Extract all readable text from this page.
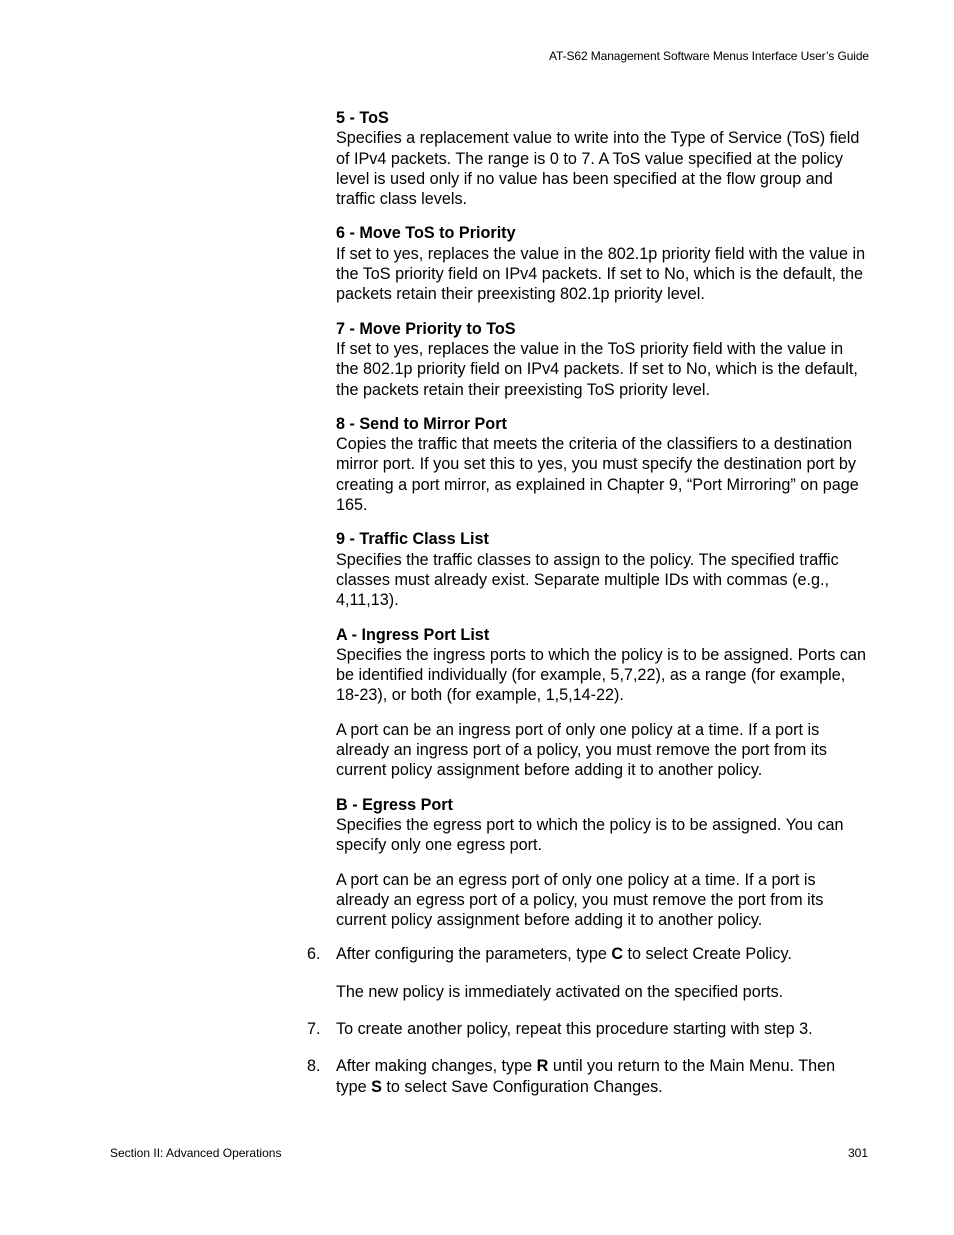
AT-S62 Management Software Menus Interface User’s Guide
5 - ToS

Specifies a replacement value to write into the Type of Service (ToS) field of IPv4 packets. The range is 0 to 7. A ToS value specified at the policy level is used only if no value has been specified at the flow group and traffic class levels.

6 - Move ToS to Priority

If set to yes, replaces the value in the 802.1p priority field with the value in the ToS priority field on IPv4 packets. If set to No, which is the default, the packets retain their preexisting 802.1p priority level.

7 - Move Priority to ToS

If set to yes, replaces the value in the ToS priority field with the value in the 802.1p priority field on IPv4 packets. If set to No, which is the default, the packets retain their preexisting ToS priority level.

8 - Send to Mirror Port

Copies the traffic that meets the criteria of the classifiers to a destination mirror port. If you set this to yes, you must specify the destination port by creating a port mirror, as explained in Chapter 9, “Port Mirroring” on page 165.

9 - Traffic Class List

Specifies the traffic classes to assign to the policy. The specified traffic classes must already exist. Separate multiple IDs with commas (e.g., 4,11,13).

A - Ingress Port List

Specifies the ingress ports to which the policy is to be assigned. Ports can be identified individually (for example, 5,7,22), as a range (for example, 18-23), or both (for example, 1,5,14-22).

A port can be an ingress port of only one policy at a time. If a port is already an ingress port of a policy, you must remove the port from its current policy assignment before adding it to another policy.

B - Egress Port

Specifies the egress port to which the policy is to be assigned. You can specify only one egress port.

A port can be an egress port of only one policy at a time. If a port is already an egress port of a policy, you must remove the port from its current policy assignment before adding it to another policy.

6. After configuring the parameters, type C to select Create Policy.

The new policy is immediately activated on the specified ports.

7. To create another policy, repeat this procedure starting with step 3.
8. After making changes, type R until you return to the Main Menu. Then type S to select Save Configuration Changes.
Section II: Advanced Operations	301
